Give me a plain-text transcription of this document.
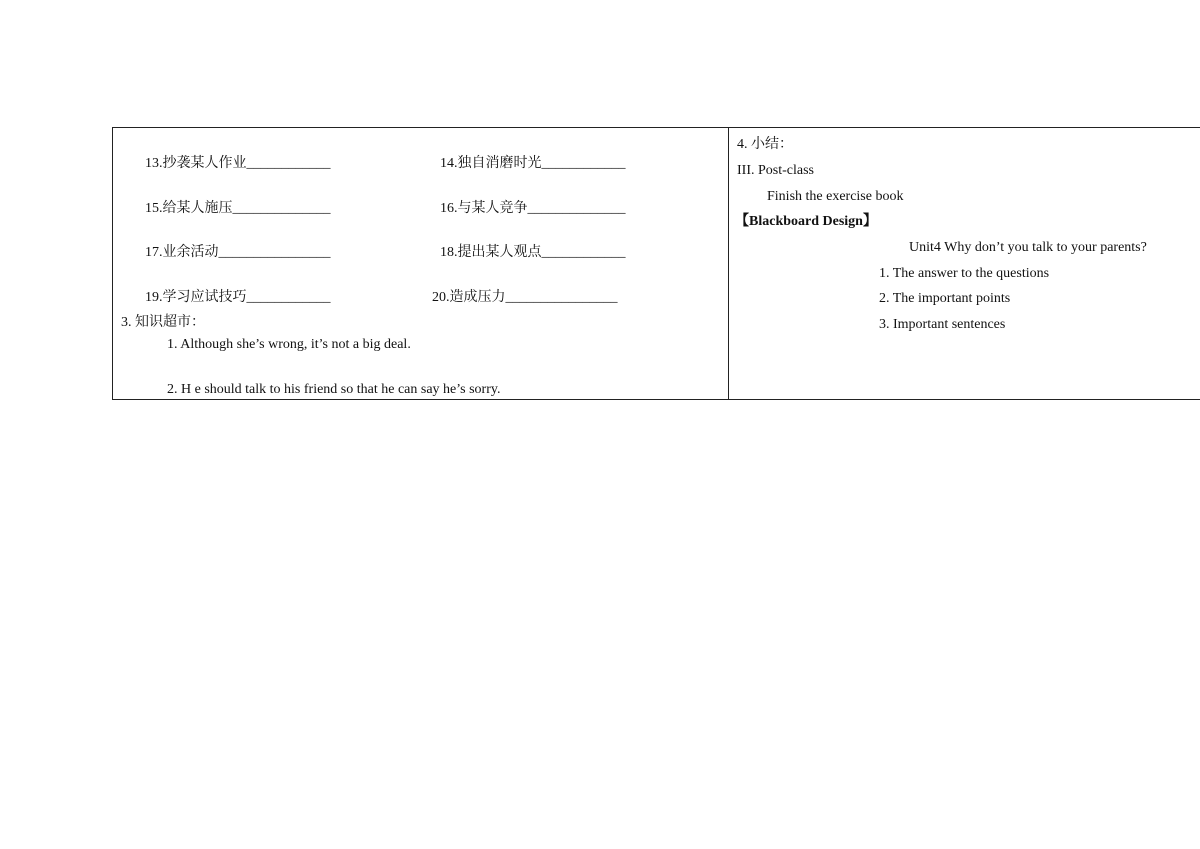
13.抄袭某人作业____________	14.独自消磨时光____________
15.给某人施压______________	16.与某人竞争______________
17.业余活动________________	18.提出某人观点____________
19.学习应试技巧____________	20.造成压力________________
3. 知识超市：
1. Although she’s wrong, it’s not a big deal.
2. H e should talk to his friend so that he can say he’s sorry.
4. 小结：
III. Post-class
Finish the exercise book
【Blackboard Design】
Unit4 Why don’t you talk to your parents?
1. The answer to the questions
2. The important points
3. Important sentences
